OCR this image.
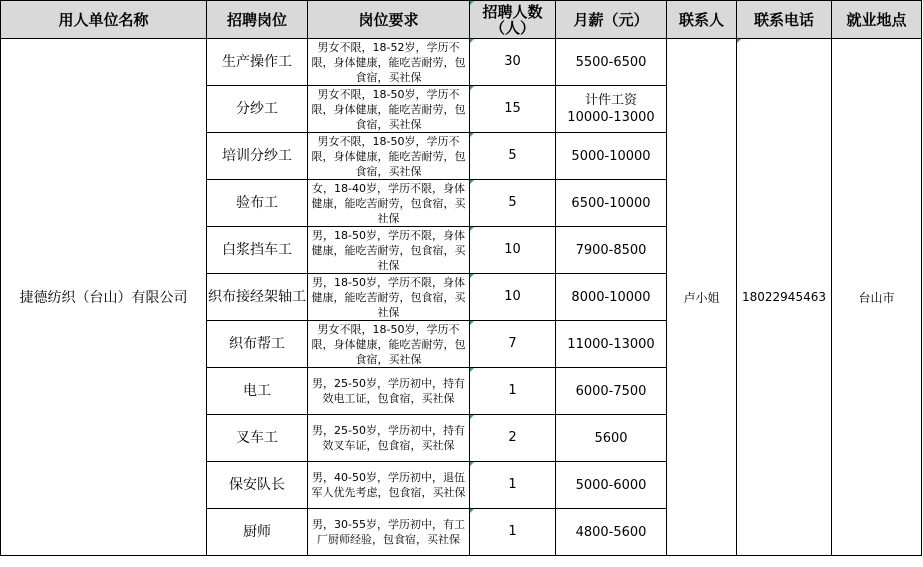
用人单位名称	招聘岗位	岗位要求	招聘人数（人）	月薪（元）	联系人	联系电话	就业地点

捷德纺织（台山）有限公司	生产操作工	男女不限，18-52岁，学历不限，身体健康，能吃苦耐劳，包食宿，买社保	30	5500-6500	卢小姐	18022945463	台山市

	分纱工	男女不限，18-50岁，学历不限，身体健康，能吃苦耐劳，包食宿，买社保	15	计件工资
10000-13000			

	培训分纱工	男女不限，18-50岁，学历不限，身体健康，能吃苦耐劳，包食宿，买社保	5	5000-10000			

	验布工	女，18-40岁，学历不限，身体健康，能吃苦耐劳，包食宿，买社保	5	6500-10000			

	白浆挡车工	男，18-50岁，学历不限，身体健康，能吃苦耐劳，包食宿，买社保	10	7900-8500			

	织布接经架轴工	男，18-50岁，学历不限，身体健康，能吃苦耐劳，包食宿，买社保	10	8000-10000			

	织布帮工	男女不限，18-50岁，学历不限，身体健康，能吃苦耐劳，包食宿，买社保	7	11000-13000			

	电工	男，25-50岁，学历初中，持有效电工证，包食宿，买社保	1	6000-7500			

	叉车工	男，25-50岁，学历初中，持有效叉车证，包食宿，买社保	2	5600			

	保安队长	男，40-50岁，学历初中，退伍军人优先考虑，包食宿，买社保	1	5000-6000			

	厨师	男，30-55岁，学历初中，有工厂厨师经验，包食宿，买社保	1	4800-5600			
